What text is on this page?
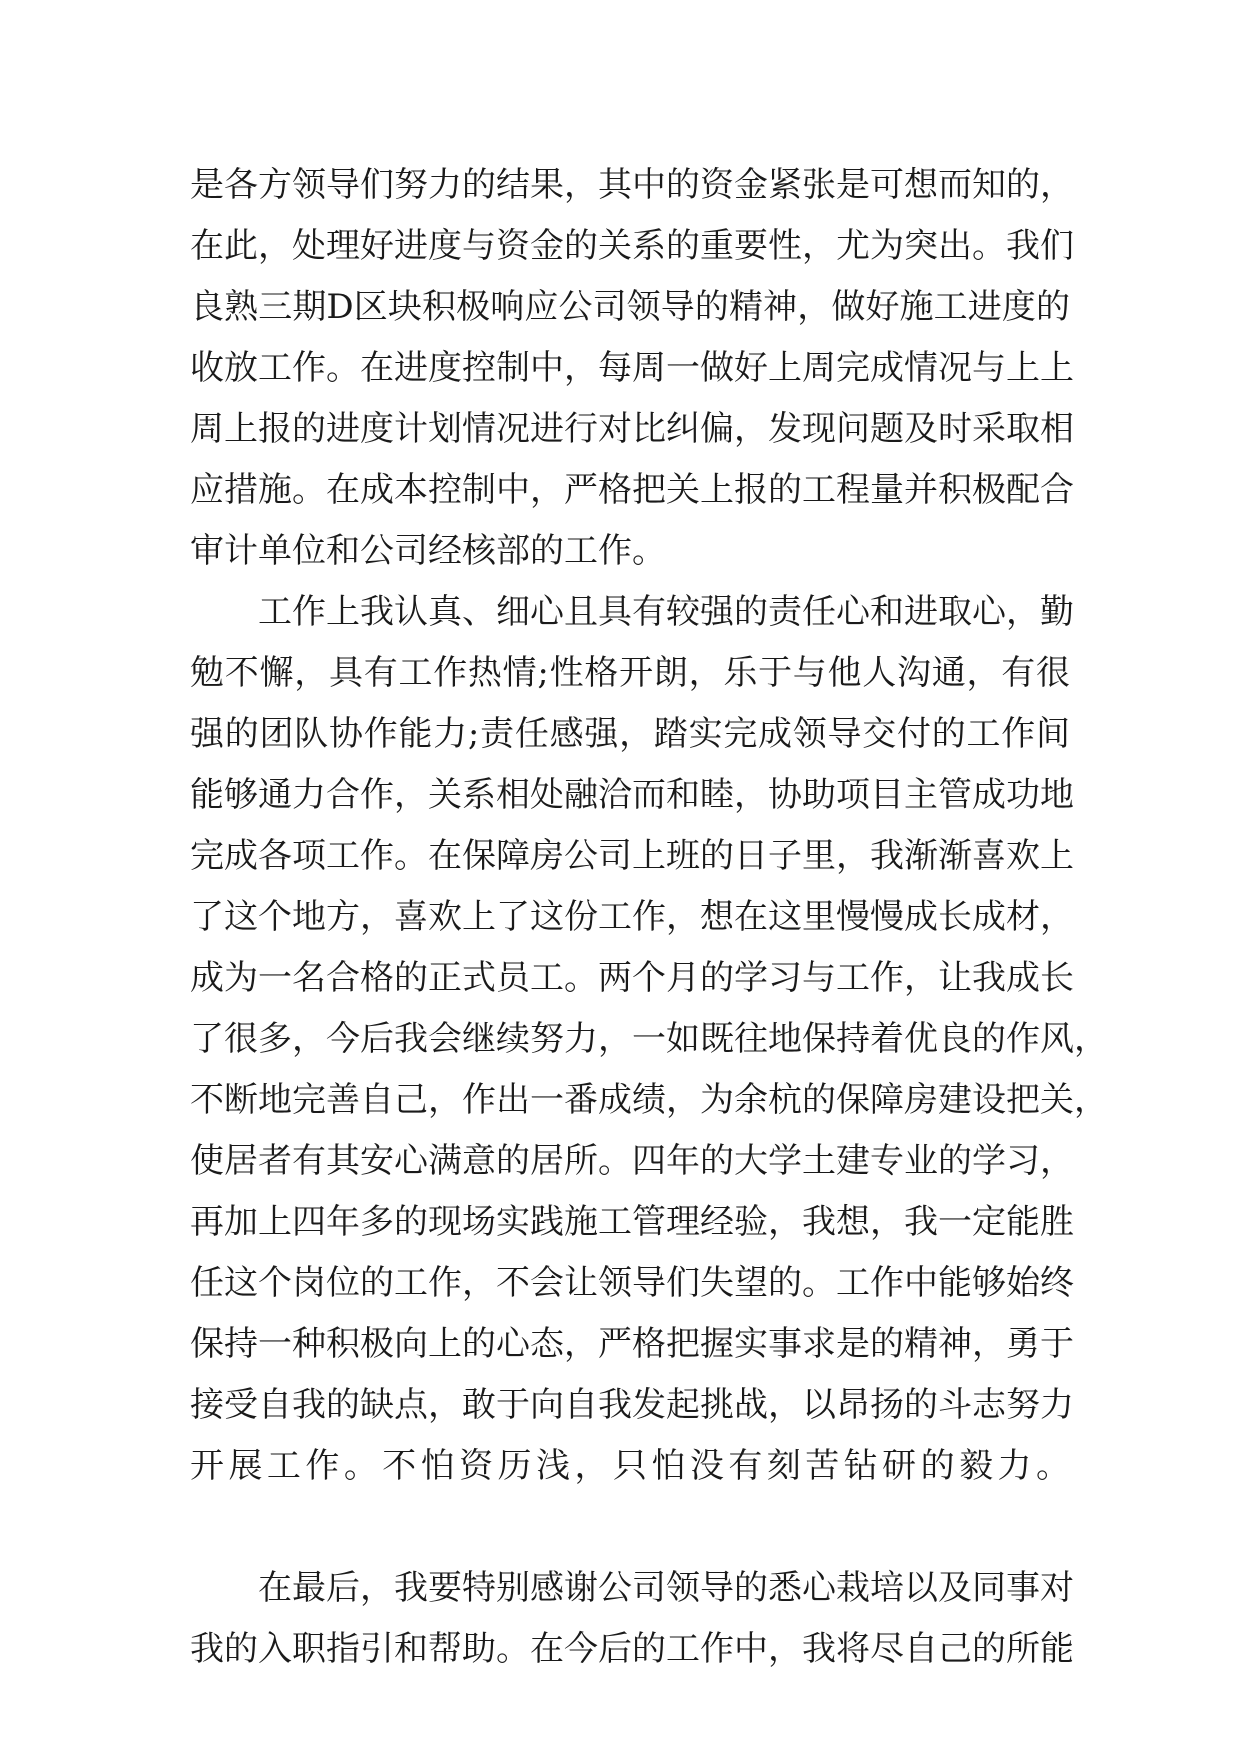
是各方领导们努力的结果，其中的资金紧张是可想而知的，
在此，处理好进度与资金的关系的重要性，尤为突出。我们
良熟三期D区块积极响应公司领导的精神，做好施工进度的
收放工作。在进度控制中，每周一做好上周完成情况与上上
周上报的进度计划情况进行对比纠偏，发现问题及时采取相
应措施。在成本控制中，严格把关上报的工程量并积极配合
审计单位和公司经核部的工作。
工作上我认真、细心且具有较强的责任心和进取心，勤
勉不懈，具有工作热情;性格开朗，乐于与他人沟通，有很
强的团队协作能力;责任感强，踏实完成领导交付的工作间
能够通力合作，关系相处融洽而和睦，协助项目主管成功地
完成各项工作。在保障房公司上班的日子里，我渐渐喜欢上
了这个地方，喜欢上了这份工作，想在这里慢慢成长成材，
成为一名合格的正式员工。两个月的学习与工作，让我成长
了很多，今后我会继续努力，一如既往地保持着优良的作风，
不断地完善自己，作出一番成绩，为余杭的保障房建设把关，
使居者有其安心满意的居所。四年的大学土建专业的学习，
再加上四年多的现场实践施工管理经验，我想，我一定能胜
任这个岗位的工作，不会让领导们失望的。工作中能够始终
保持一种积极向上的心态，严格把握实事求是的精神，勇于
接受自我的缺点，敢于向自我发起挑战，以昂扬的斗志努力
开展工作。不怕资历浅，只怕没有刻苦钻研的毅力。
在最后，我要特别感谢公司领导的悉心栽培以及同事对
我的入职指引和帮助。在今后的工作中，我将尽自己的所能
